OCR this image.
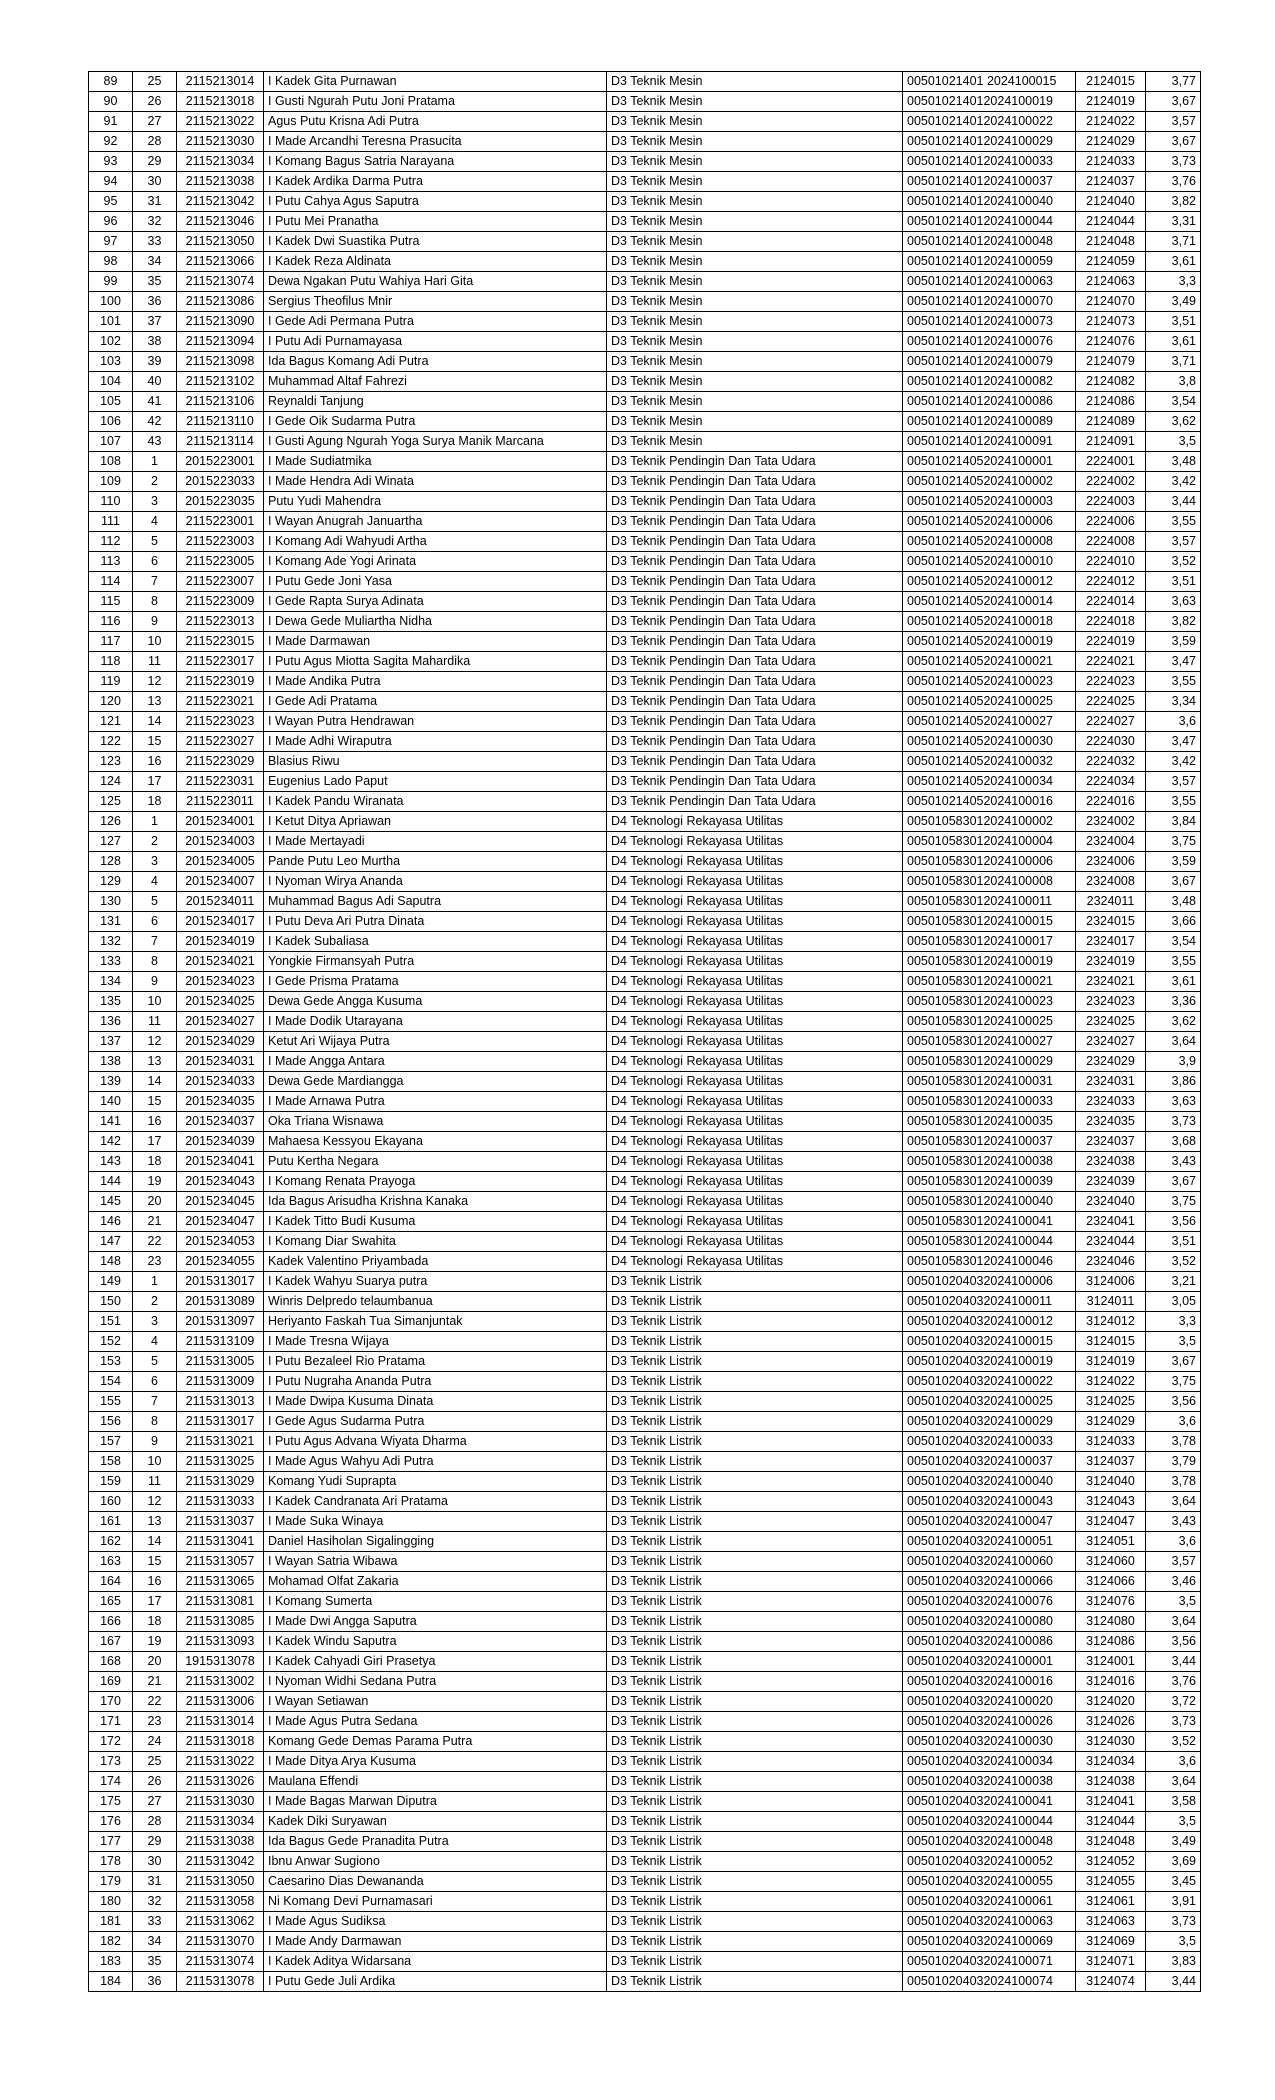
89	25	2115213014	I Kadek Gita Purnawan	D3 Teknik Mesin	00501021401 2024100015	2124015	3,77
90	26	2115213018	I Gusti Ngurah Putu Joni Pratama	D3 Teknik Mesin	005010214012024100019	2124019	3,67
91	27	2115213022	Agus Putu Krisna Adi Putra	D3 Teknik Mesin	005010214012024100022	2124022	3,57
92	28	2115213030	I Made Arcandhi Teresna Prasucita	D3 Teknik Mesin	005010214012024100029	2124029	3,67
93	29	2115213034	I Komang Bagus Satria Narayana	D3 Teknik Mesin	005010214012024100033	2124033	3,73
94	30	2115213038	I Kadek Ardika Darma Putra	D3 Teknik Mesin	005010214012024100037	2124037	3,76
95	31	2115213042	I Putu Cahya Agus Saputra	D3 Teknik Mesin	005010214012024100040	2124040	3,82
96	32	2115213046	I Putu Mei Pranatha	D3 Teknik Mesin	005010214012024100044	2124044	3,31
97	33	2115213050	I Kadek Dwi Suastika Putra	D3 Teknik Mesin	005010214012024100048	2124048	3,71
98	34	2115213066	I Kadek Reza Aldinata	D3 Teknik Mesin	005010214012024100059	2124059	3,61
99	35	2115213074	Dewa Ngakan Putu Wahiya Hari Gita	D3 Teknik Mesin	005010214012024100063	2124063	3,3
100	36	2115213086	Sergius Theofilus Mnir	D3 Teknik Mesin	005010214012024100070	2124070	3,49
101	37	2115213090	I Gede Adi Permana Putra	D3 Teknik Mesin	005010214012024100073	2124073	3,51
102	38	2115213094	I Putu Adi Purnamayasa	D3 Teknik Mesin	005010214012024100076	2124076	3,61
103	39	2115213098	Ida Bagus Komang Adi Putra	D3 Teknik Mesin	005010214012024100079	2124079	3,71
104	40	2115213102	Muhammad Altaf Fahrezi	D3 Teknik Mesin	005010214012024100082	2124082	3,8
105	41	2115213106	Reynaldi Tanjung	D3 Teknik Mesin	005010214012024100086	2124086	3,54
106	42	2115213110	I Gede Oik Sudarma Putra	D3 Teknik Mesin	005010214012024100089	2124089	3,62
107	43	2115213114	I Gusti Agung Ngurah Yoga Surya Manik Marcana	D3 Teknik Mesin	005010214012024100091	2124091	3,5
108	1	2015223001	I Made Sudiatmika	D3 Teknik Pendingin Dan Tata Udara	005010214052024100001	2224001	3,48
109	2	2015223033	I Made Hendra Adi Winata	D3 Teknik Pendingin Dan Tata Udara	005010214052024100002	2224002	3,42
110	3	2015223035	Putu Yudi Mahendra	D3 Teknik Pendingin Dan Tata Udara	005010214052024100003	2224003	3,44
111	4	2115223001	I Wayan Anugrah Januartha	D3 Teknik Pendingin Dan Tata Udara	005010214052024100006	2224006	3,55
112	5	2115223003	I Komang Adi Wahyudi Artha	D3 Teknik Pendingin Dan Tata Udara	005010214052024100008	2224008	3,57
113	6	2115223005	I Komang Ade Yogi Arinata	D3 Teknik Pendingin Dan Tata Udara	005010214052024100010	2224010	3,52
114	7	2115223007	I Putu Gede Joni Yasa	D3 Teknik Pendingin Dan Tata Udara	005010214052024100012	2224012	3,51
115	8	2115223009	I Gede Rapta Surya Adinata	D3 Teknik Pendingin Dan Tata Udara	005010214052024100014	2224014	3,63
116	9	2115223013	I Dewa Gede Muliartha Nidha	D3 Teknik Pendingin Dan Tata Udara	005010214052024100018	2224018	3,82
117	10	2115223015	I Made Darmawan	D3 Teknik Pendingin Dan Tata Udara	005010214052024100019	2224019	3,59
118	11	2115223017	I Putu Agus Miotta Sagita Mahardika	D3 Teknik Pendingin Dan Tata Udara	005010214052024100021	2224021	3,47
119	12	2115223019	I Made Andika Putra	D3 Teknik Pendingin Dan Tata Udara	005010214052024100023	2224023	3,55
120	13	2115223021	I Gede Adi Pratama	D3 Teknik Pendingin Dan Tata Udara	005010214052024100025	2224025	3,34
121	14	2115223023	I Wayan Putra Hendrawan	D3 Teknik Pendingin Dan Tata Udara	005010214052024100027	2224027	3,6
122	15	2115223027	I Made Adhi Wiraputra	D3 Teknik Pendingin Dan Tata Udara	005010214052024100030	2224030	3,47
123	16	2115223029	Blasius Riwu	D3 Teknik Pendingin Dan Tata Udara	005010214052024100032	2224032	3,42
124	17	2115223031	Eugenius Lado Paput	D3 Teknik Pendingin Dan Tata Udara	005010214052024100034	2224034	3,57
125	18	2115223011	I Kadek Pandu Wiranata	D3 Teknik Pendingin Dan Tata Udara	005010214052024100016	2224016	3,55
126	1	2015234001	I Ketut Ditya Apriawan	D4 Teknologi Rekayasa Utilitas	005010583012024100002	2324002	3,84
127	2	2015234003	I Made Mertayadi	D4 Teknologi Rekayasa Utilitas	005010583012024100004	2324004	3,75
128	3	2015234005	Pande Putu Leo Murtha	D4 Teknologi Rekayasa Utilitas	005010583012024100006	2324006	3,59
129	4	2015234007	I Nyoman Wirya Ananda	D4 Teknologi Rekayasa Utilitas	005010583012024100008	2324008	3,67
130	5	2015234011	Muhammad Bagus Adi Saputra	D4 Teknologi Rekayasa Utilitas	005010583012024100011	2324011	3,48
131	6	2015234017	I Putu Deva Ari Putra Dinata	D4 Teknologi Rekayasa Utilitas	005010583012024100015	2324015	3,66
132	7	2015234019	I Kadek Subaliasa	D4 Teknologi Rekayasa Utilitas	005010583012024100017	2324017	3,54
133	8	2015234021	Yongkie Firmansyah Putra	D4 Teknologi Rekayasa Utilitas	005010583012024100019	2324019	3,55
134	9	2015234023	I Gede Prisma Pratama	D4 Teknologi Rekayasa Utilitas	005010583012024100021	2324021	3,61
135	10	2015234025	Dewa Gede Angga Kusuma	D4 Teknologi Rekayasa Utilitas	005010583012024100023	2324023	3,36
136	11	2015234027	I Made Dodik Utarayana	D4 Teknologi Rekayasa Utilitas	005010583012024100025	2324025	3,62
137	12	2015234029	Ketut Ari Wijaya Putra	D4 Teknologi Rekayasa Utilitas	005010583012024100027	2324027	3,64
138	13	2015234031	I Made Angga Antara	D4 Teknologi Rekayasa Utilitas	005010583012024100029	2324029	3,9
139	14	2015234033	Dewa Gede Mardiangga	D4 Teknologi Rekayasa Utilitas	005010583012024100031	2324031	3,86
140	15	2015234035	I Made Arnawa Putra	D4 Teknologi Rekayasa Utilitas	005010583012024100033	2324033	3,63
141	16	2015234037	Oka Triana Wisnawa	D4 Teknologi Rekayasa Utilitas	005010583012024100035	2324035	3,73
142	17	2015234039	Mahaesa Kessyou Ekayana	D4 Teknologi Rekayasa Utilitas	005010583012024100037	2324037	3,68
143	18	2015234041	Putu Kertha Negara	D4 Teknologi Rekayasa Utilitas	005010583012024100038	2324038	3,43
144	19	2015234043	I Komang Renata Prayoga	D4 Teknologi Rekayasa Utilitas	005010583012024100039	2324039	3,67
145	20	2015234045	Ida Bagus Arisudha Krishna Kanaka	D4 Teknologi Rekayasa Utilitas	005010583012024100040	2324040	3,75
146	21	2015234047	I Kadek Titto Budi Kusuma	D4 Teknologi Rekayasa Utilitas	005010583012024100041	2324041	3,56
147	22	2015234053	I Komang Diar Swahita	D4 Teknologi Rekayasa Utilitas	005010583012024100044	2324044	3,51
148	23	2015234055	Kadek Valentino Priyambada	D4 Teknologi Rekayasa Utilitas	005010583012024100046	2324046	3,52
149	1	2015313017	I Kadek Wahyu Suarya putra	D3 Teknik Listrik	005010204032024100006	3124006	3,21
150	2	2015313089	Winris Delpredo telaumbanua	D3 Teknik Listrik	005010204032024100011	3124011	3,05
151	3	2015313097	Heriyanto Faskah Tua Simanjuntak	D3 Teknik Listrik	005010204032024100012	3124012	3,3
152	4	2115313109	I Made Tresna Wijaya	D3 Teknik Listrik	005010204032024100015	3124015	3,5
153	5	2115313005	I Putu Bezaleel Rio Pratama	D3 Teknik Listrik	005010204032024100019	3124019	3,67
154	6	2115313009	I Putu Nugraha Ananda Putra	D3 Teknik Listrik	005010204032024100022	3124022	3,75
155	7	2115313013	I Made Dwipa Kusuma Dinata	D3 Teknik Listrik	005010204032024100025	3124025	3,56
156	8	2115313017	I Gede Agus Sudarma Putra	D3 Teknik Listrik	005010204032024100029	3124029	3,6
157	9	2115313021	I Putu Agus Advana Wiyata Dharma	D3 Teknik Listrik	005010204032024100033	3124033	3,78
158	10	2115313025	I Made Agus Wahyu Adi Putra	D3 Teknik Listrik	005010204032024100037	3124037	3,79
159	11	2115313029	Komang Yudi Suprapta	D3 Teknik Listrik	005010204032024100040	3124040	3,78
160	12	2115313033	I Kadek Candranata Ari Pratama	D3 Teknik Listrik	005010204032024100043	3124043	3,64
161	13	2115313037	I Made Suka Winaya	D3 Teknik Listrik	005010204032024100047	3124047	3,43
162	14	2115313041	Daniel Hasiholan Sigalingging	D3 Teknik Listrik	005010204032024100051	3124051	3,6
163	15	2115313057	I Wayan Satria Wibawa	D3 Teknik Listrik	005010204032024100060	3124060	3,57
164	16	2115313065	Mohamad Olfat Zakaria	D3 Teknik Listrik	005010204032024100066	3124066	3,46
165	17	2115313081	I Komang Sumerta	D3 Teknik Listrik	005010204032024100076	3124076	3,5
166	18	2115313085	I Made Dwi Angga Saputra	D3 Teknik Listrik	005010204032024100080	3124080	3,64
167	19	2115313093	I Kadek Windu Saputra	D3 Teknik Listrik	005010204032024100086	3124086	3,56
168	20	1915313078	I Kadek Cahyadi Giri Prasetya	D3 Teknik Listrik	005010204032024100001	3124001	3,44
169	21	2115313002	I Nyoman Widhi Sedana Putra	D3 Teknik Listrik	005010204032024100016	3124016	3,76
170	22	2115313006	I Wayan Setiawan	D3 Teknik Listrik	005010204032024100020	3124020	3,72
171	23	2115313014	I Made Agus Putra Sedana	D3 Teknik Listrik	005010204032024100026	3124026	3,73
172	24	2115313018	Komang Gede Demas Parama Putra	D3 Teknik Listrik	005010204032024100030	3124030	3,52
173	25	2115313022	I Made Ditya Arya Kusuma	D3 Teknik Listrik	005010204032024100034	3124034	3,6
174	26	2115313026	Maulana Effendi	D3 Teknik Listrik	005010204032024100038	3124038	3,64
175	27	2115313030	I Made Bagas Marwan Diputra	D3 Teknik Listrik	005010204032024100041	3124041	3,58
176	28	2115313034	Kadek Diki Suryawan	D3 Teknik Listrik	005010204032024100044	3124044	3,5
177	29	2115313038	Ida Bagus Gede Pranadita Putra	D3 Teknik Listrik	005010204032024100048	3124048	3,49
178	30	2115313042	Ibnu Anwar Sugiono	D3 Teknik Listrik	005010204032024100052	3124052	3,69
179	31	2115313050	Caesarino Dias Dewananda	D3 Teknik Listrik	005010204032024100055	3124055	3,45
180	32	2115313058	Ni Komang Devi Purnamasari	D3 Teknik Listrik	005010204032024100061	3124061	3,91
181	33	2115313062	I Made Agus Sudiksa	D3 Teknik Listrik	005010204032024100063	3124063	3,73
182	34	2115313070	I Made Andy Darmawan	D3 Teknik Listrik	005010204032024100069	3124069	3,5
183	35	2115313074	I Kadek Aditya Widarsana	D3 Teknik Listrik	005010204032024100071	3124071	3,83
184	36	2115313078	I Putu Gede Juli Ardika	D3 Teknik Listrik	005010204032024100074	3124074	3,44
